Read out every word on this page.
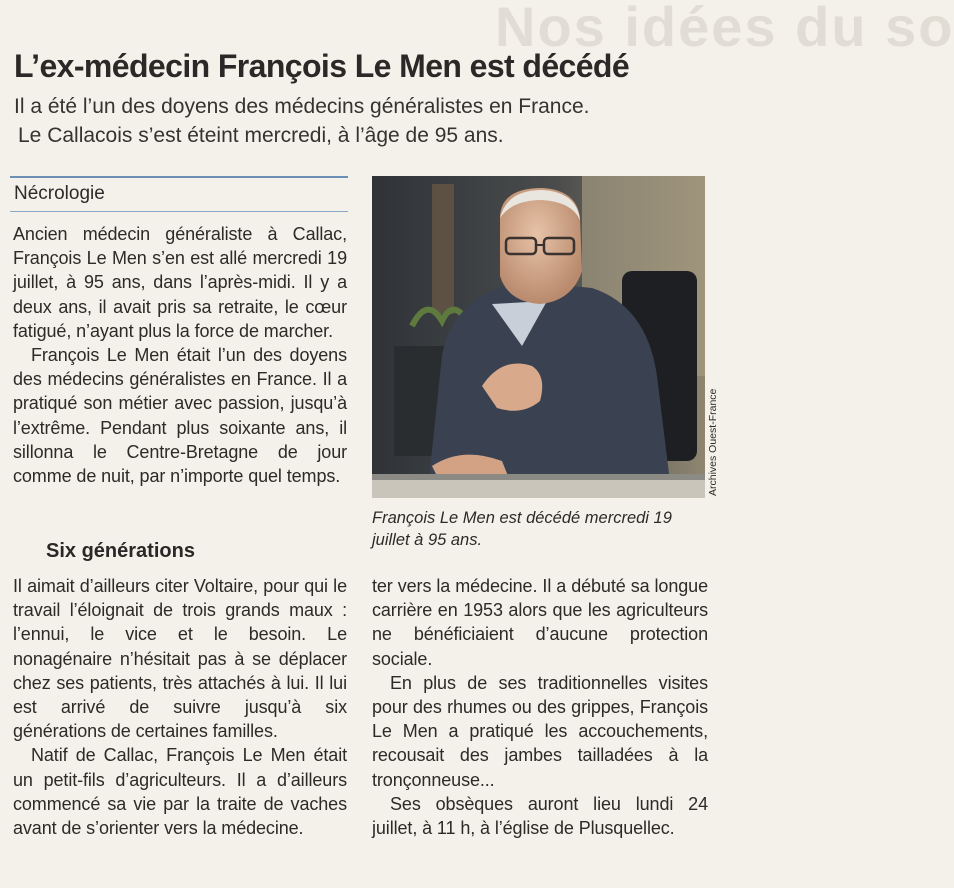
Nos idées du so
L’ex-médecin François Le Men est décédé
Il a été l’un des doyens des médecins généralistes en France.
Le Callacois s’est éteint mercredi, à l’âge de 95 ans.
Nécrologie

Ancien médecin généraliste à Callac, François Le Men s’en est allé mercredi 19 juillet, à 95 ans, dans l’après-midi. Il y a deux ans, il avait pris sa retraite, le cœur fatigué, n’ayant plus la force de marcher.

François Le Men était l’un des doyens des médecins généralistes en France. Il a pratiqué son métier avec passion, jusqu’à l’extrême. Pendant plus soixante ans, il sillonna le Centre-Bretagne de jour comme de nuit, par n’importe quel temps.

Six générations

Il aimait d’ailleurs citer Voltaire, pour qui le travail l’éloignait de trois grands maux : l’ennui, le vice et le besoin. Le nonagénaire n’hésitait pas à se déplacer chez ses patients, très attachés à lui. Il lui est arrivé de suivre jusqu’à six générations de certaines familles.

Natif de Callac, François Le Men était un petit-fils d’agriculteurs. Il a d’ailleurs commencé sa vie par la traite de vaches avant de s’orienter vers la médecine.

ter vers la médecine. Il a débuté sa longue carrière en 1953 alors que les agriculteurs ne bénéficiaient d’aucune protection sociale.

En plus de ses traditionnelles visites pour des rhumes ou des grippes, François Le Men a pratiqué les accouchements, recousait des jambes tailladées à la tronçonneuse...

Ses obsèques auront lieu lundi 24 juillet, à 11 h, à l’église de Plusquellec.

Archives Ouest-France
François Le Men est décédé mercredi 19 juillet à 95 ans.
